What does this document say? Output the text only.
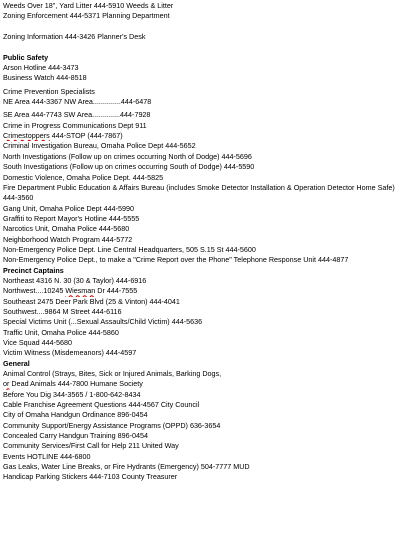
Weeds Over 18", Yard Litter 444-5910 Weeds & Litter
Zoning Enforcement 444-5371 Planning Department
Zoning Information 444-3426 Planner's Desk
Public Safety
Arson Hotline 444-3473
Business Watch 444-8518
Crime Prevention Specialists
NE Area 444-3367 NW Area..............444-6478
SE Area 444-7743 SW Area..............444-7928
Crime in Progress Communications Dept 911
Crimestoppers 444-STOP (444-7867)
Criminal Investigation Bureau, Omaha Police Dept 444-5652
North Investigations (Follow up on crimes occurring North of Dodge) 444-5696
South Investigations (Follow up on crimes occurring South of Dodge) 444-5590
Domestic Violence, Omaha Police Dept. 444-5825
Fire Department Public Education & Affairs Bureau (includes Smoke Detector Installation & Operation Detector Home Safe) 444-3560
Gang Unit, Omaha Police Dept 444-5990
Graffiti to Report Mayor's Hotline 444-5555
Narcotics Unit, Omaha Police 444-5680
Neighborhood Watch Program 444-5772
Non-Emergency Police Dept. Line Central Headquarters, 505 S.15 St 444-5600
Non-Emergency Police Dept., to make a "Crime Report over the Phone" Telephone Response Unit 444-4877
Precinct Captains
Northeast 4316 N. 30 (30 & Taylor) 444-6916
Northwest....10245 Wiesman Dr 444-7555
Southeast 2475 Deer Park Blvd (25 & Vinton) 444-4041
Southwest....9864 M Street 444-6116
Special Victims Unit (...Sexual Assaults/Child Victim) 444-5636
Traffic Unit, Omaha Police 444-5860
Vice Squad 444-5680
Victim Witness (Misdemeanors) 444-4597
General
Animal Control (Strays, Bites, Sick or Injured Animals, Barking Dogs,
or Dead Animals 444-7800 Humane Society
Before You Dig 344-3565 / 1-800-642-8434
Cable Franchise Agreement Questions 444-4567 City Council
City of Omaha Handgun Ordinance 896-0454
Community Support/Energy Assistance Programs (OPPD) 636-3654
Concealed Carry Handgun Training 896-0454
Community Services/First Call for Help 211 United Way
Events HOTLINE 444-6800
Gas Leaks, Water Line Breaks, or Fire Hydrants (Emergency) 504-7777 MUD
Handicap Parking Stickers 444-7103 County Treasurer
